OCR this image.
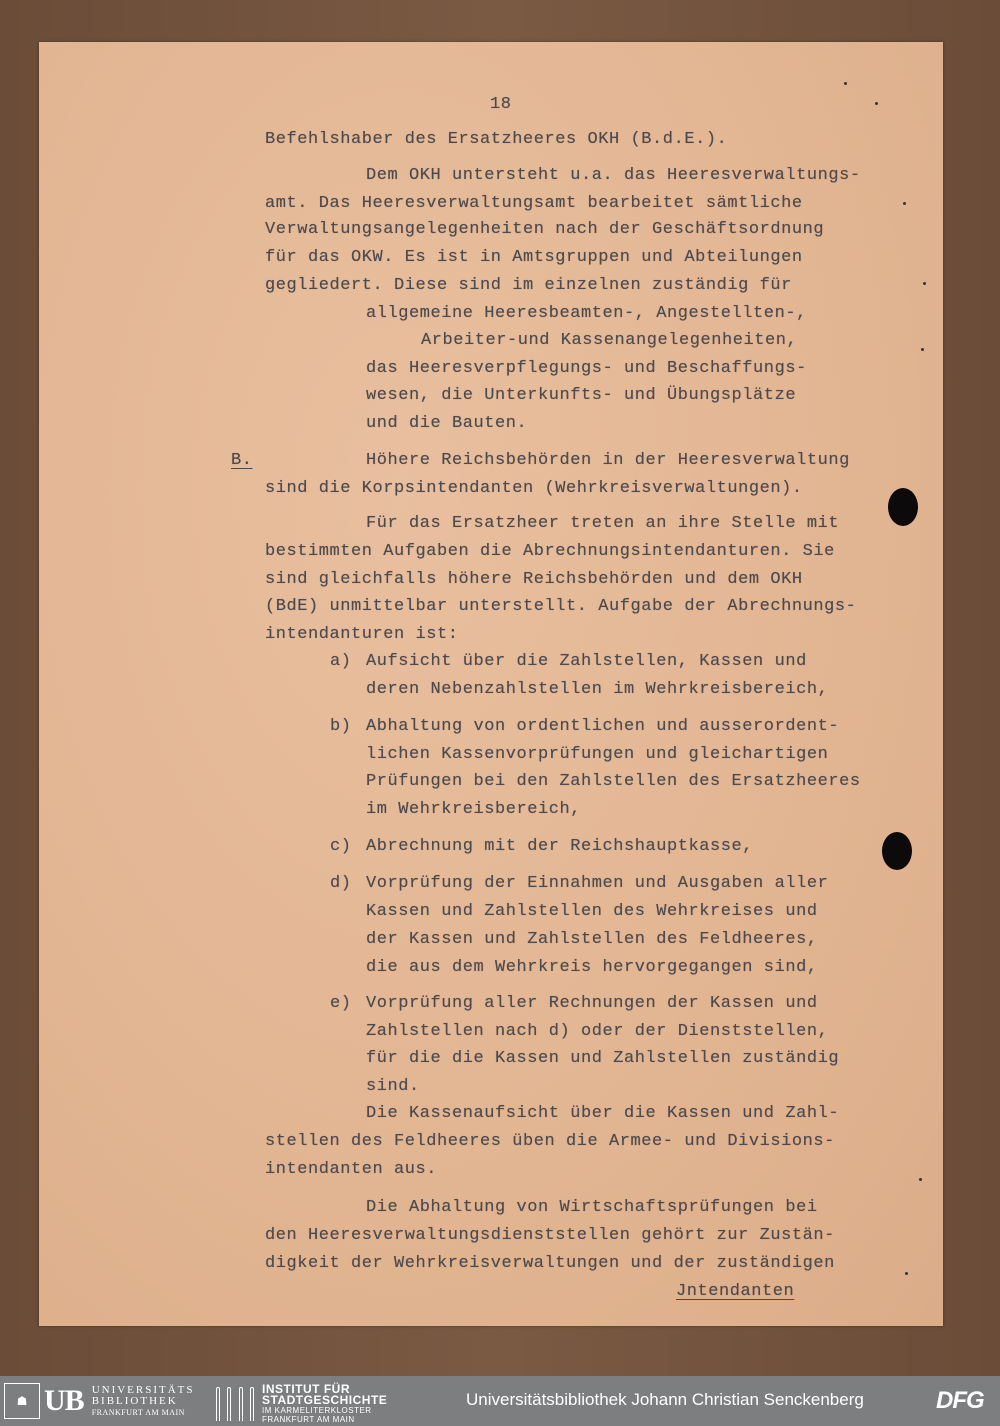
18
Befehlshaber des Ersatzheeres OKH (B.d.E.).
Dem OKH untersteht u.a. das Heeresverwaltungs-
amt. Das Heeresverwaltungsamt bearbeitet sämtliche
Verwaltungsangelegenheiten nach der Geschäftsordnung
für das OKW. Es ist in Amtsgruppen und Abteilungen
gegliedert. Diese sind im einzelnen zuständig für
allgemeine Heeresbeamten-, Angestellten-,
Arbeiter-und Kassenangelegenheiten,
das Heeresverpflegungs- und Beschaffungs-
wesen, die Unterkunfts- und Übungsplätze
und die Bauten.
B.	Höhere Reichsbehörden in der Heeresverwaltung
sind die Korpsintendanten (Wehrkreisverwaltungen).
Für das Ersatzheer treten an ihre Stelle mit
bestimmten Aufgaben die Abrechnungsintendanturen. Sie
sind gleichfalls höhere Reichsbehörden und dem OKH
(BdE) unmittelbar unterstellt. Aufgabe der Abrechnungs-
intendanturen ist:
a) Aufsicht über die Zahlstellen, Kassen und
deren Nebenzahlstellen im Wehrkreisbereich,
b) Abhaltung von ordentlichen und ausserordent-
lichen Kassenvorprüfungen und gleichartigen
Prüfungen bei den Zahlstellen des Ersatzheeres
im Wehrkreisbereich,
c) Abrechnung mit der Reichshauptkasse,
d) Vorprüfung der Einnahmen und Ausgaben aller
Kassen und Zahlstellen des Wehrkreises und
der Kassen und Zahlstellen des Feldheeres,
die aus dem Wehrkreis hervorgegangen sind,
e) Vorprüfung aller Rechnungen der Kassen und
Zahlstellen nach d) oder der Dienststellen,
für die die Kassen und Zahlstellen zuständig
sind.
Die Kassenaufsicht über die Kassen und Zahl-
stellen des Feldheeres üben die Armee- und Divisions-
intendanten aus.
Die Abhaltung von Wirtschaftsprüfungen bei
den Heeresverwaltungsdienststellen gehört zur Zustän-
digkeit der Wehrkreisverwaltungen und der zuständigen
Jntendanten
☗ UB UNIVERSITÄTS
BIBLIOTHEK
FRANKFURT AM MAIN
INSTITUT FÜR
STADTGESCHICHTE
IM KARMELITERKLOSTER
FRANKFURT AM MAIN
Universitätsbibliothek Johann Christian Senckenberg	DFG
